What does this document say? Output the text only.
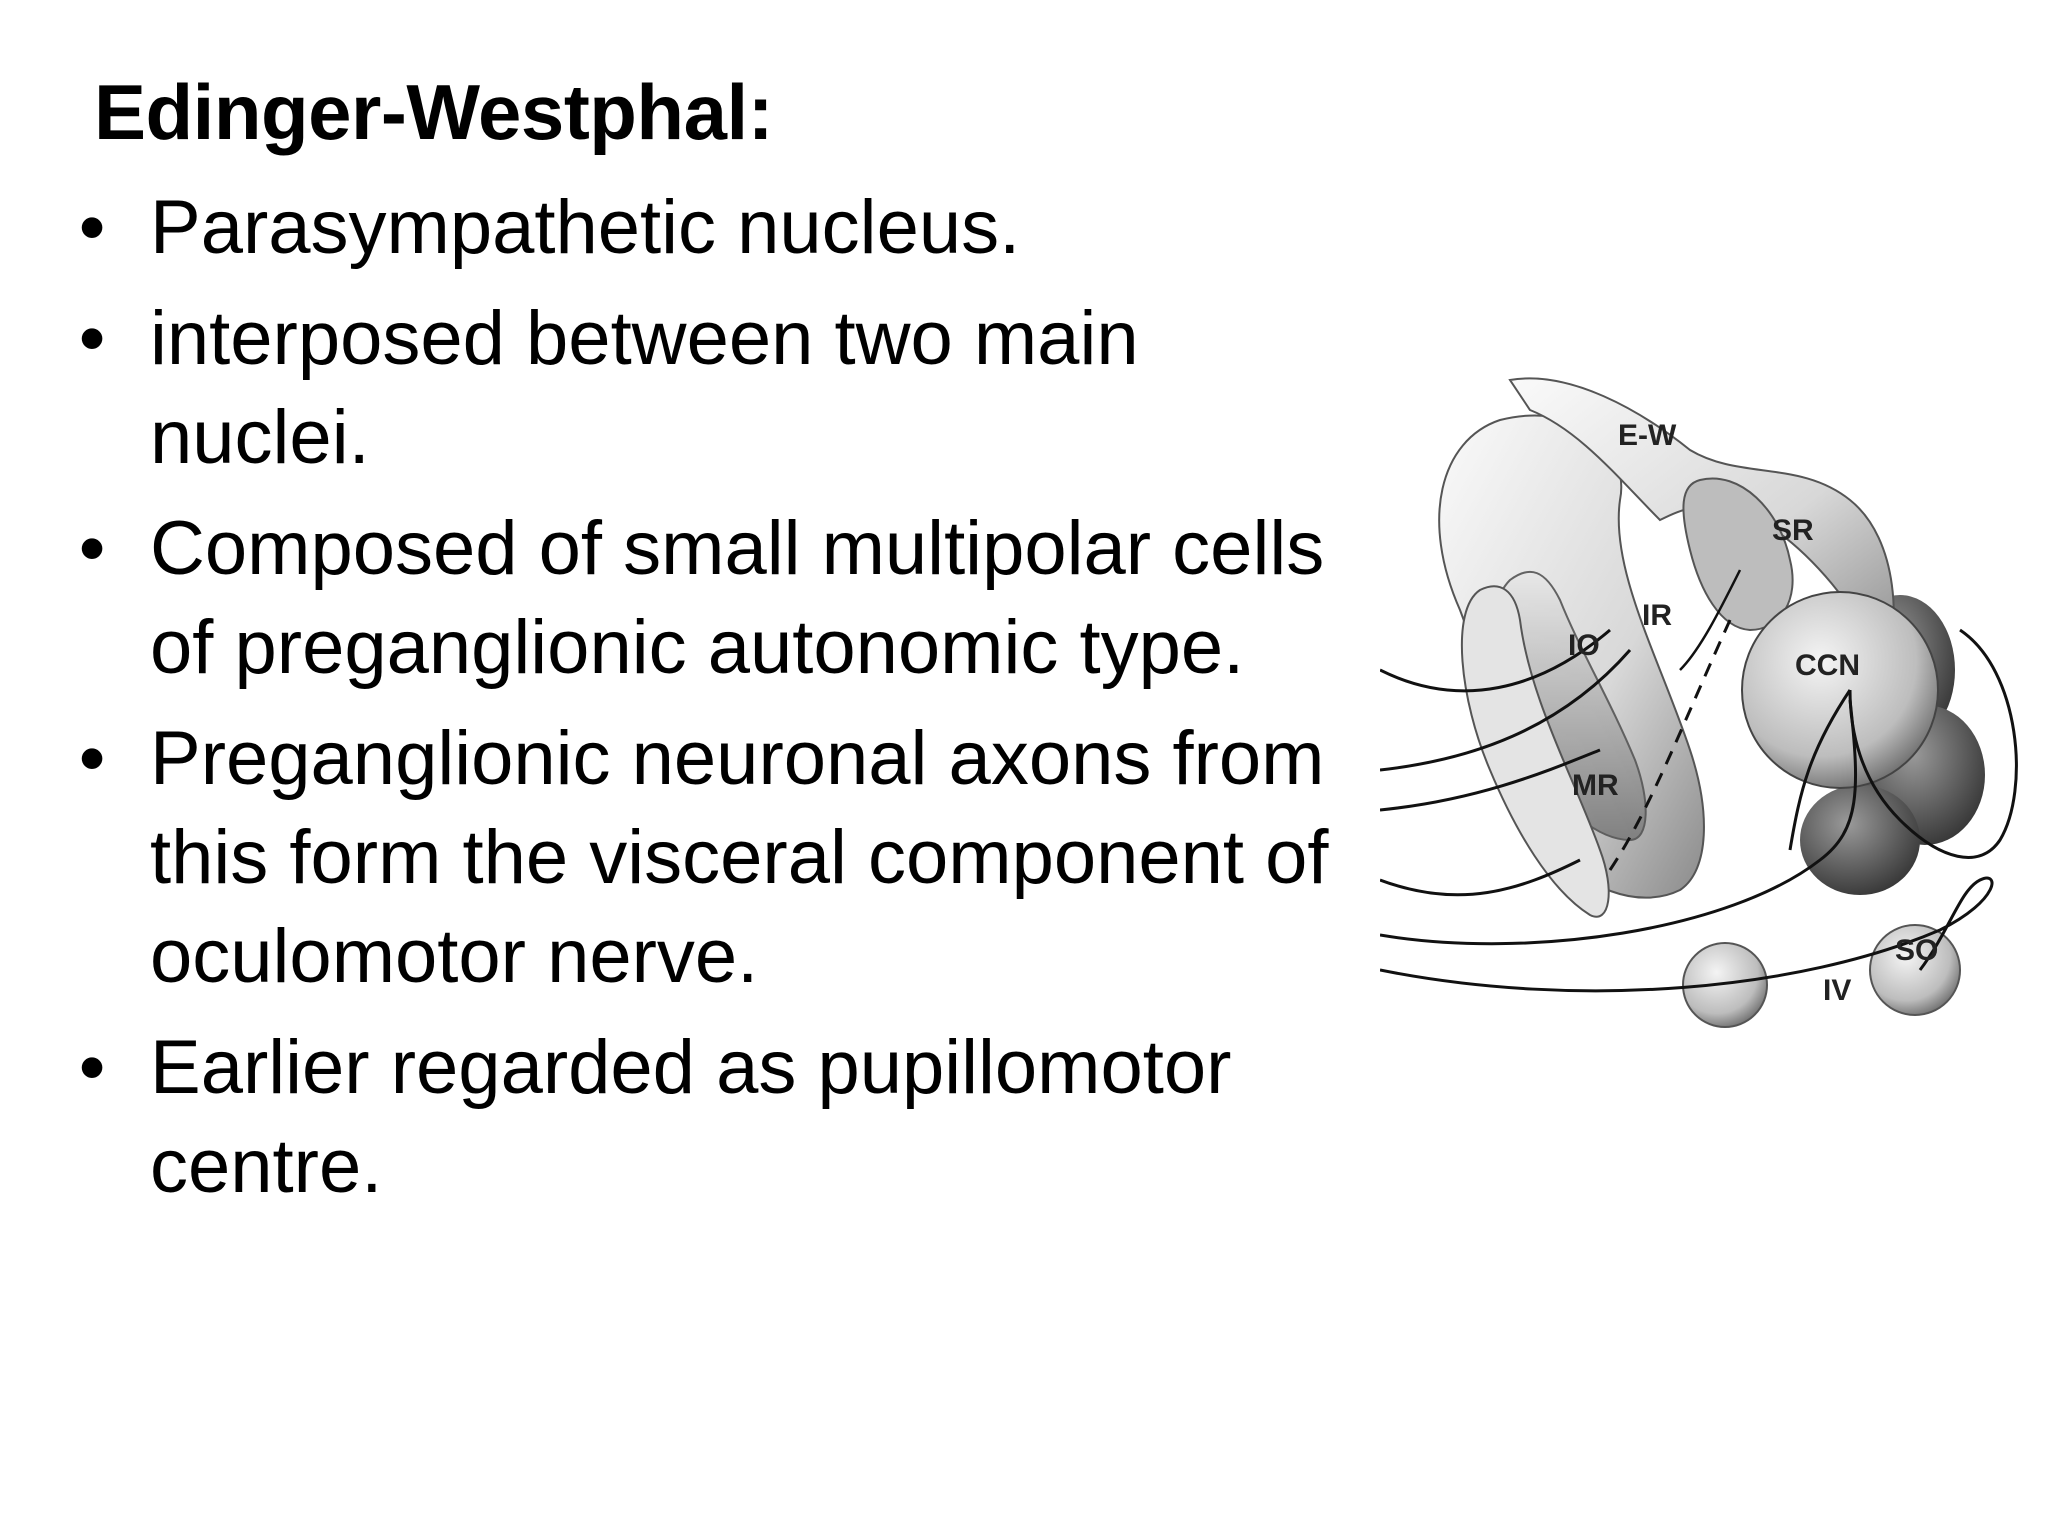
Edinger-Westphal:
• Parasympathetic nucleus.
• interposed between two main nuclei.
• Composed of small multipolar cells of preganglionic autonomic type.
• Preganglionic neuronal axons from this form the visceral component of oculomotor nerve.
• Earlier regarded as pupillomotor centre.
E-W
SR
IR
IO
CCN
MR
SO
IV
